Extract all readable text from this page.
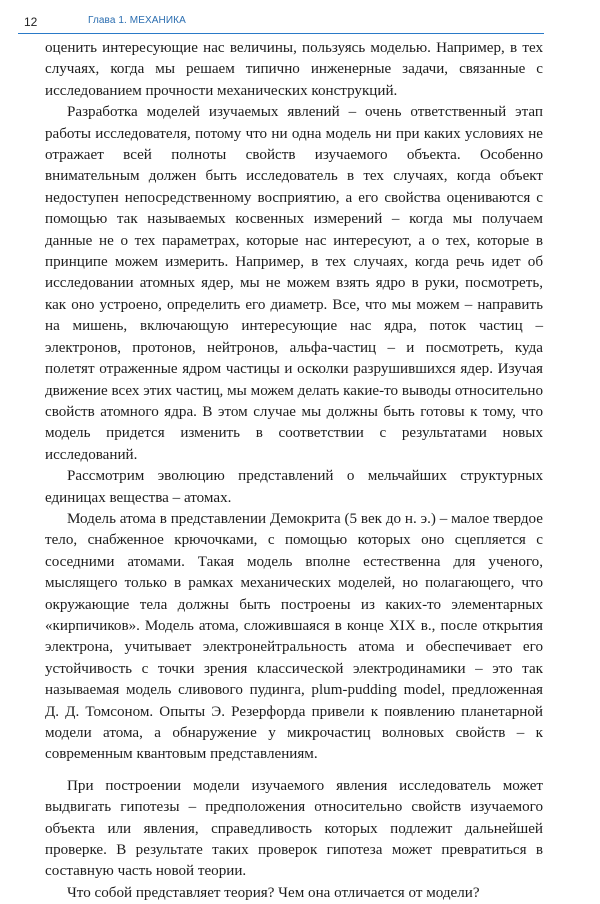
12	Глава 1. МЕХАНИКА

оценить интересующие нас величины, пользуясь моделью. Например, в тех случаях, когда мы решаем типично инженерные задачи, связанные с исследованием прочности механических конструкций.

Разработка моделей изучаемых явлений – очень ответственный этап работы исследователя, потому что ни одна модель ни при каких условиях не отражает всей полноты свойств изучаемого объекта. Особенно внимательным должен быть исследователь в тех случаях, когда объект недоступен непосредственному восприятию, а его свойства оцениваются с помощью так называемых косвенных измерений – когда мы получаем данные не о тех параметрах, которые нас интересуют, а о тех, которые в принципе можем измерить. Например, в тех случаях, когда речь идет об исследовании атомных ядер, мы не можем взять ядро в руки, посмотреть, как оно устроено, определить его диаметр. Все, что мы можем – направить на мишень, включающую интересующие нас ядра, поток частиц – электронов, протонов, нейтронов, альфа-частиц – и посмотреть, куда полетят отраженные ядром частицы и осколки разрушившихся ядер. Изучая движение всех этих частиц, мы можем делать какие-то выводы относительно свойств атомного ядра. В этом случае мы должны быть готовы к тому, что модель придется изменить в соответствии с результатами новых исследований.

Рассмотрим эволюцию представлений о мельчайших структурных единицах вещества – атомах.

Модель атома в представлении Демокрита (5 век до н. э.) – малое твердое тело, снабженное крючочками, с помощью которых оно сцепляется с соседними атомами. Такая модель вполне естественна для ученого, мыслящего только в рамках механических моделей, но полагающего, что окружающие тела должны быть построены из каких-то элементарных «кирпичиков». Модель атома, сложившаяся в конце XIX в., после открытия электрона, учитывает электронейтральность атома и обеспечивает его устойчивость с точки зрения классической электродинамики – это так называемая модель сливового пудинга, plum-pudding model, предложенная Д. Д. Томсоном. Опыты Э. Резерфорда привели к появлению планетарной модели атома, а обнаружение у микрочастиц волновых свойств – к современным квантовым представлениям.

При построении модели изучаемого явления исследователь может выдвигать гипотезы – предположения относительно свойств изучаемого объекта или явления, справедливость которых подлежит дальнейшей проверке. В результате таких проверок гипотеза может превратиться в составную часть новой теории.

Что собой представляет теория? Чем она отличается от модели?
